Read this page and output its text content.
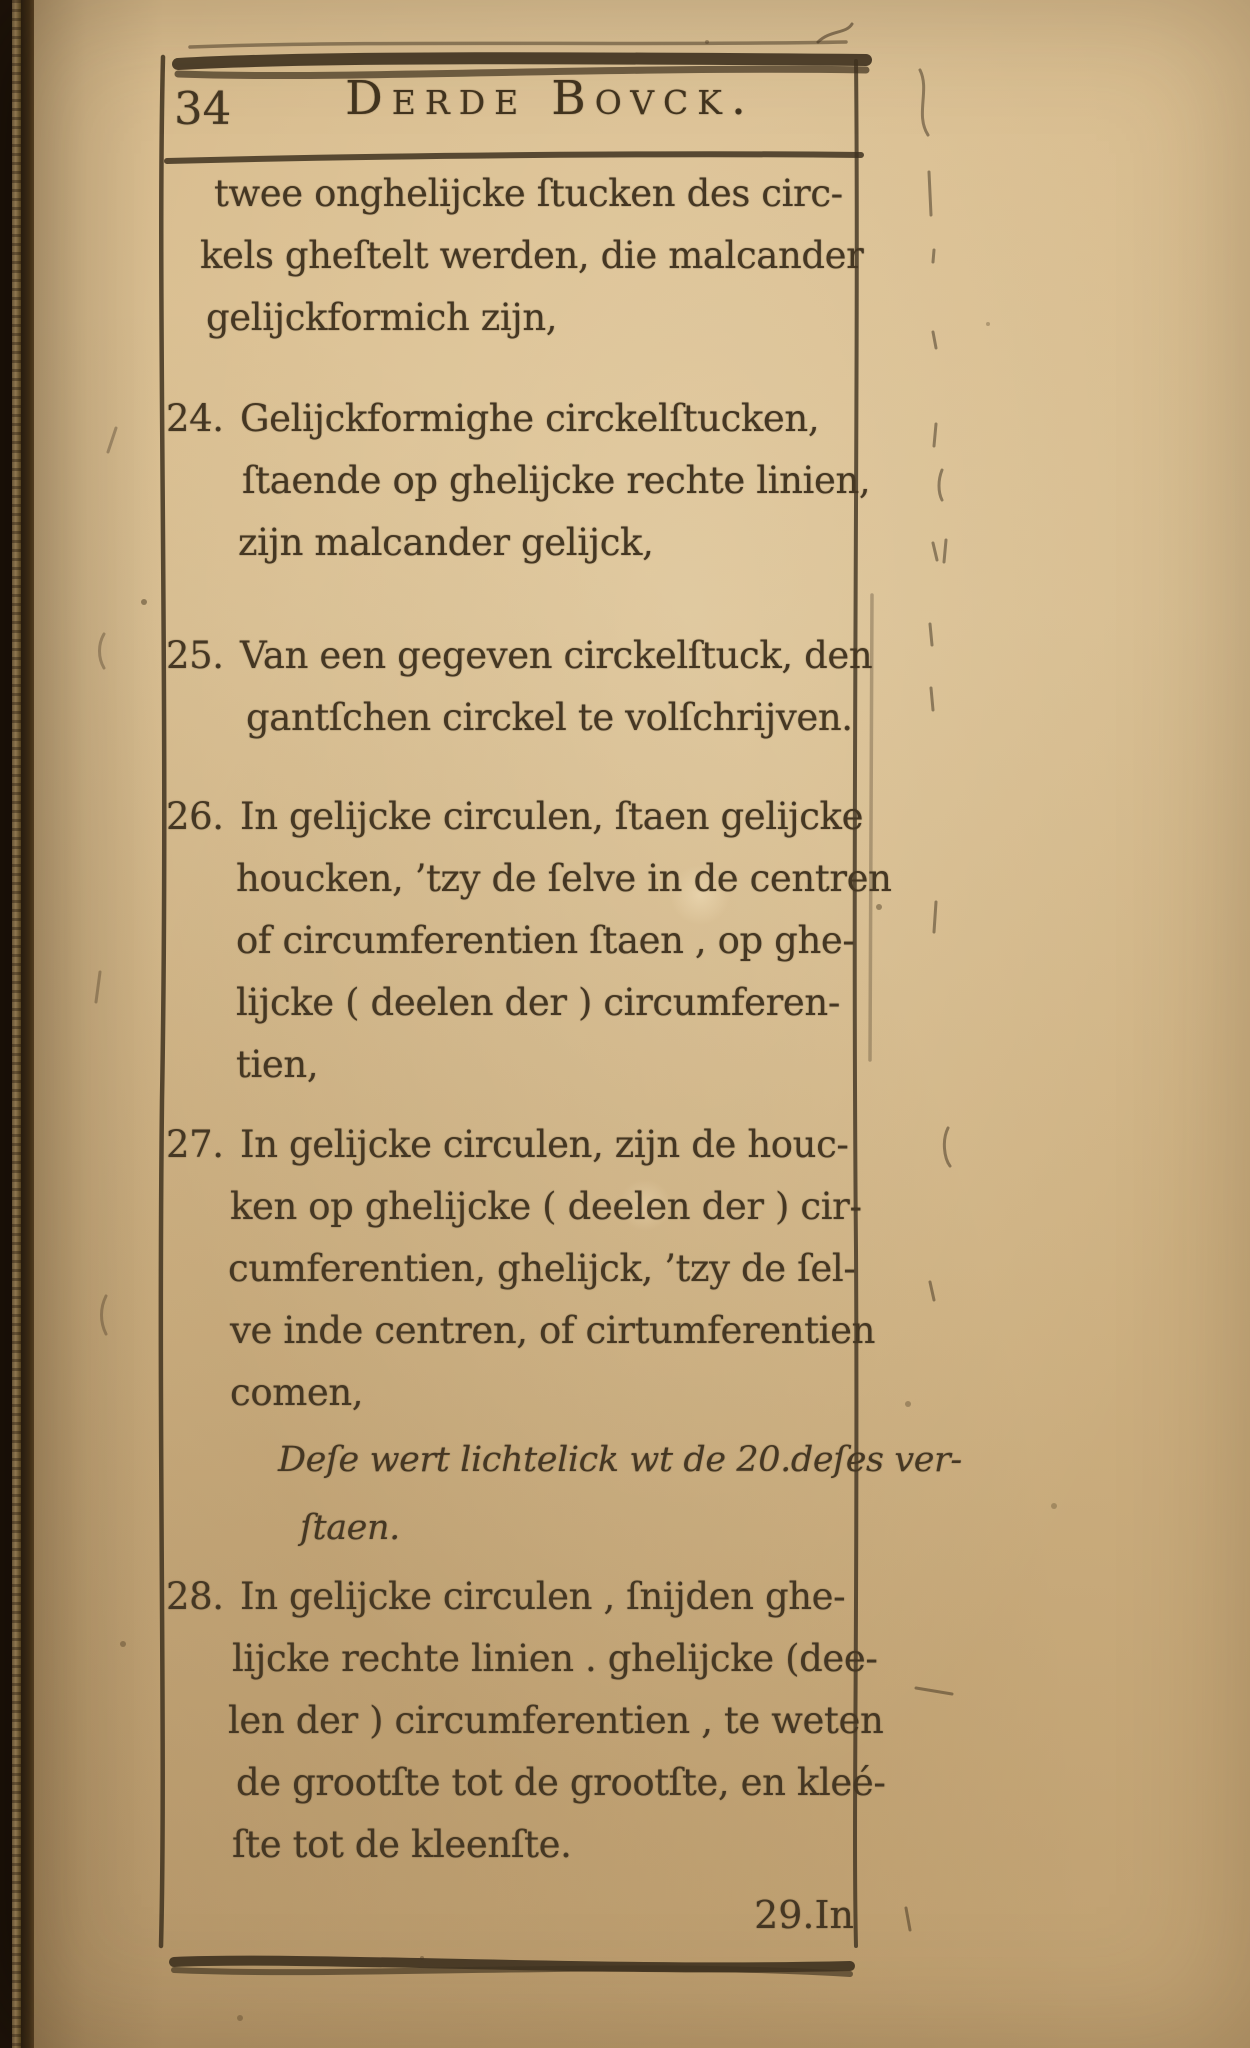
34	Derde Bovck.
twee onghelijcke ſtucken des circ-
kels gheſtelt werden, die malcander
gelijckformich zijn,
24. Gelijckformighe circkelſtucken,
ſtaende op ghelijcke rechte linien,
zijn malcander gelijck,
25. Van een gegeven circkelſtuck, den
gantſchen circkel te volſchrijven.
26. In gelijcke circulen, ſtaen gelijcke
houcken, ’tzy de ſelve in de centren
of circumferentien ſtaen , op ghe-
lijcke ( deelen der ) circumferen-
tien,
27. In gelijcke circulen, zijn de houc-
ken op ghelijcke ( deelen der ) cir-
cumferentien, ghelijck, ’tzy de ſel-
ve inde centren, of cirtumferentien
comen,
Deſe wert lichtelick wt de 20.deſes ver-
ſtaen.
28. In gelijcke circulen , ſnijden ghe-
lijcke rechte linien . ghelijcke (dee-
len der ) circumferentien , te weten
de grootſte tot de grootſte, en kleé-
ſte tot de kleenſte.
29.In
